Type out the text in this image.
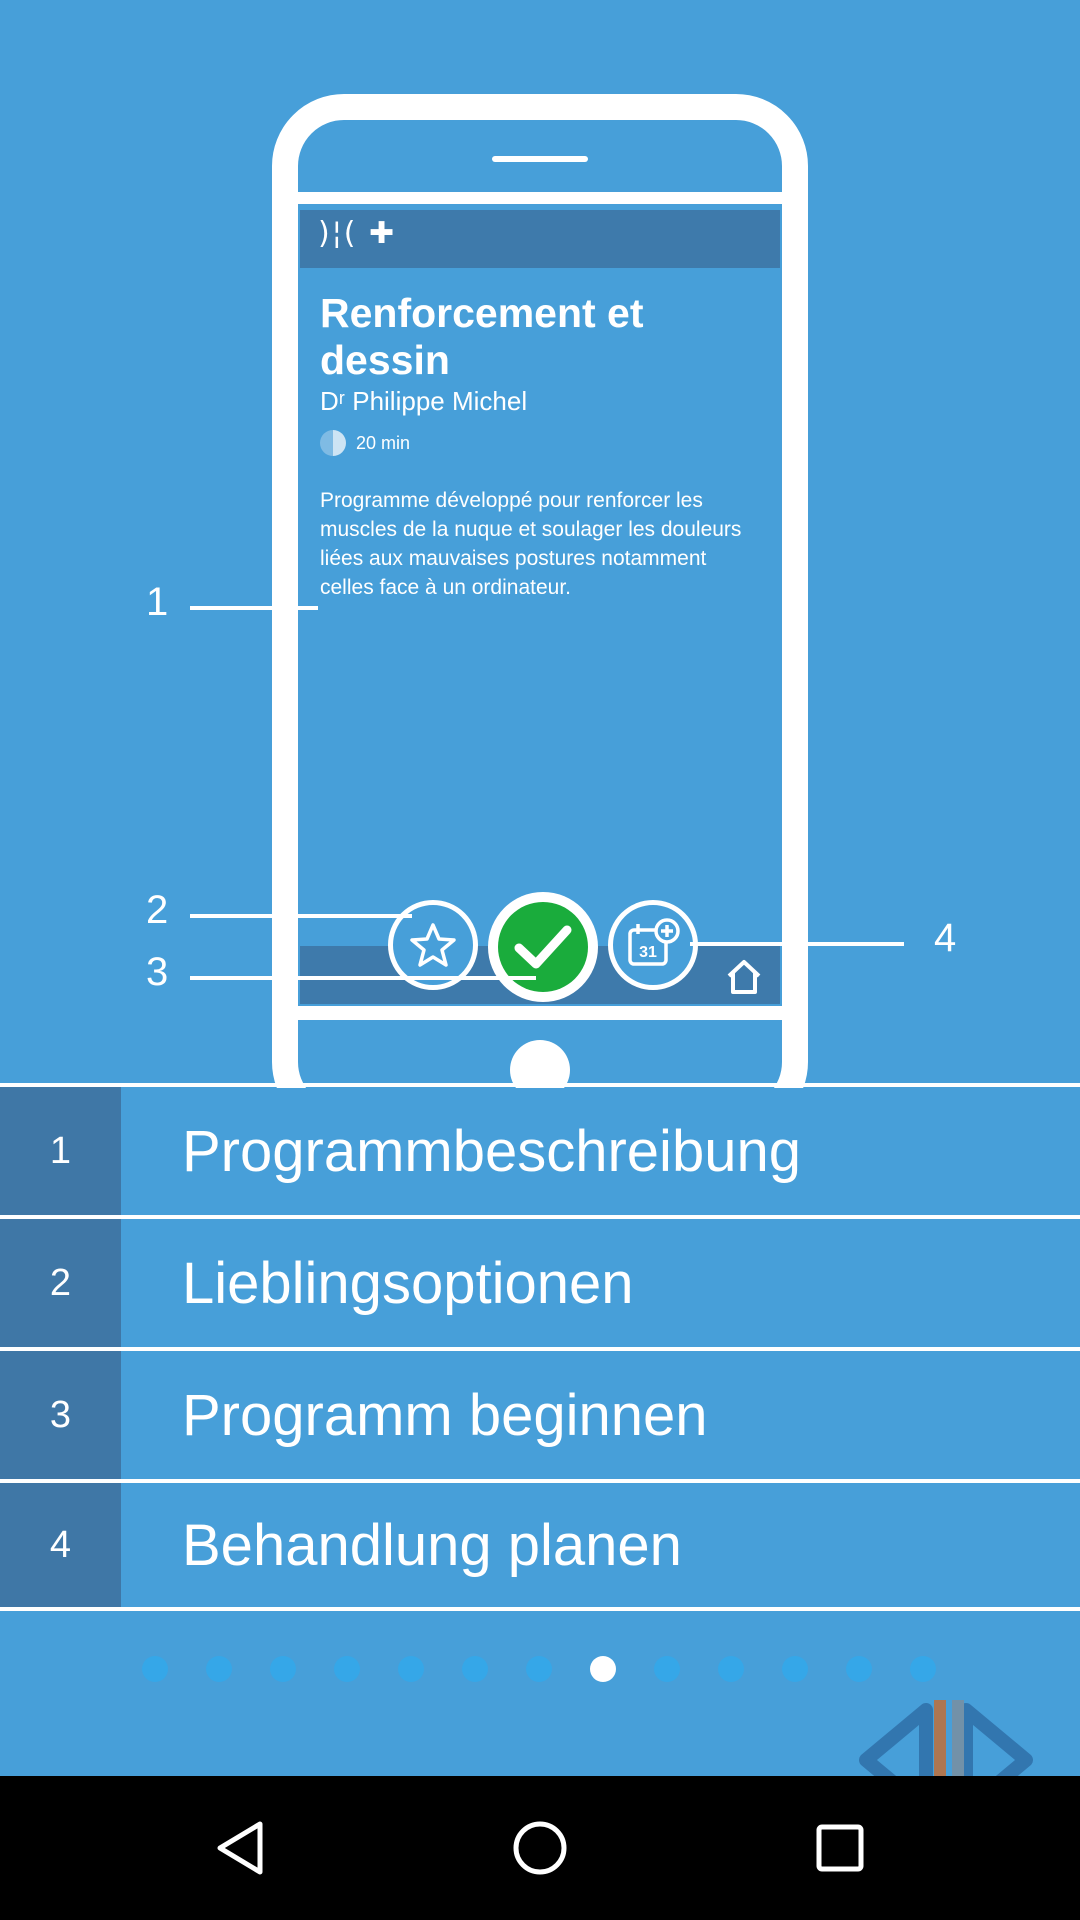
)¦( ✚
Renforcement et dessin
Dʳ Philippe Michel
20 min
Programme développé pour renforcer les muscles de la nuque et soulager les douleurs liées aux mauvaises postures notamment celles face à un ordinateur.
31
1
2
3
4
1	Programmbeschreibung
2	Lieblingsoptionen
3	Programm beginnen
4	Behandlung planen
